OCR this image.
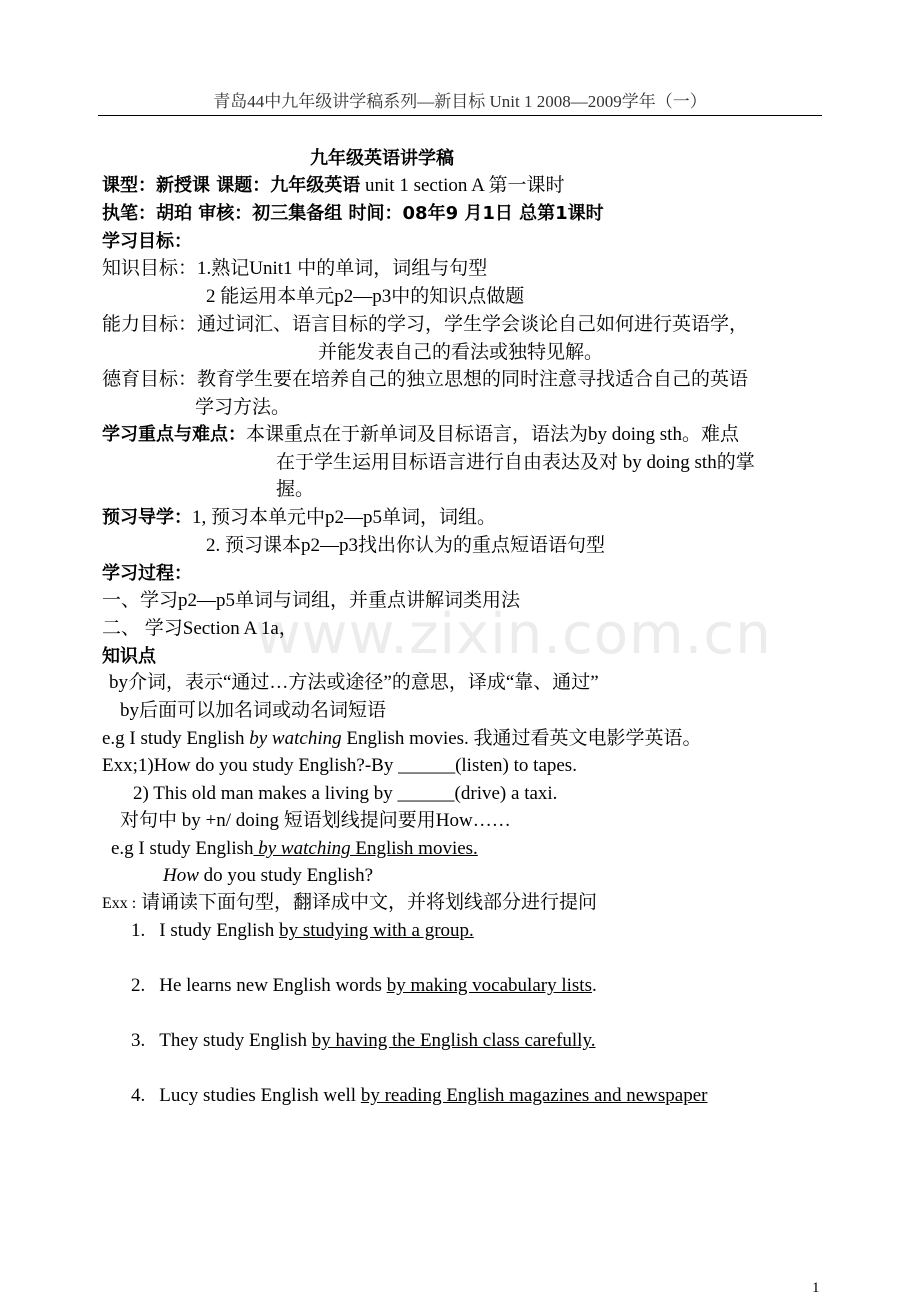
青岛44中九年级讲学稿系列—新目标 Unit 1 2008—2009学年（一）
www.zixin.com.cn
九年级英语讲学稿
课型：新授课 课题：九年级英语 unit 1 section A 第一课时
执笔：胡珀 审核：初三集备组 时间：08年9 月1日 总第1课时
学习目标：
知识目标：1.熟记Unit1 中的单词，词组与句型
2 能运用本单元p2—p3中的知识点做题
能力目标：通过词汇、语言目标的学习，学生学会谈论自己如何进行英语学，
并能发表自己的看法或独特见解。
德育目标：教育学生要在培养自己的独立思想的同时注意寻找适合自己的英语
学习方法。
学习重点与难点：本课重点在于新单词及目标语言，语法为by doing sth。难点
在于学生运用目标语言进行自由表达及对 by doing sth的掌
握。
预习导学：1, 预习本单元中p2—p5单词，词组。
2. 预习课本p2—p3找出你认为的重点短语语句型
学习过程：
一、学习p2—p5单词与词组，并重点讲解词类用法
二、 学习Section A 1a，
知识点
by介词，表示“通过…方法或途径”的意思，译成“靠、通过”
by后面可以加名词或动名词短语
e.g I study English by watching English movies. 我通过看英文电影学英语。
Exx;1)How do you study English?-By ______(listen) to tapes.
2) This old man makes a living by ______(drive) a taxi.
对句中 by +n/ doing 短语划线提问要用How……
e.g I study English by watching English movies.
How do you study English?
Exx : 请诵读下面句型，翻译成中文，并将划线部分进行提问
1. I study English by studying with a group.
2. He learns new English words by making vocabulary lists.
3. They study English by having the English class carefully.
4. Lucy studies English well by reading English magazines and newspaper
1
